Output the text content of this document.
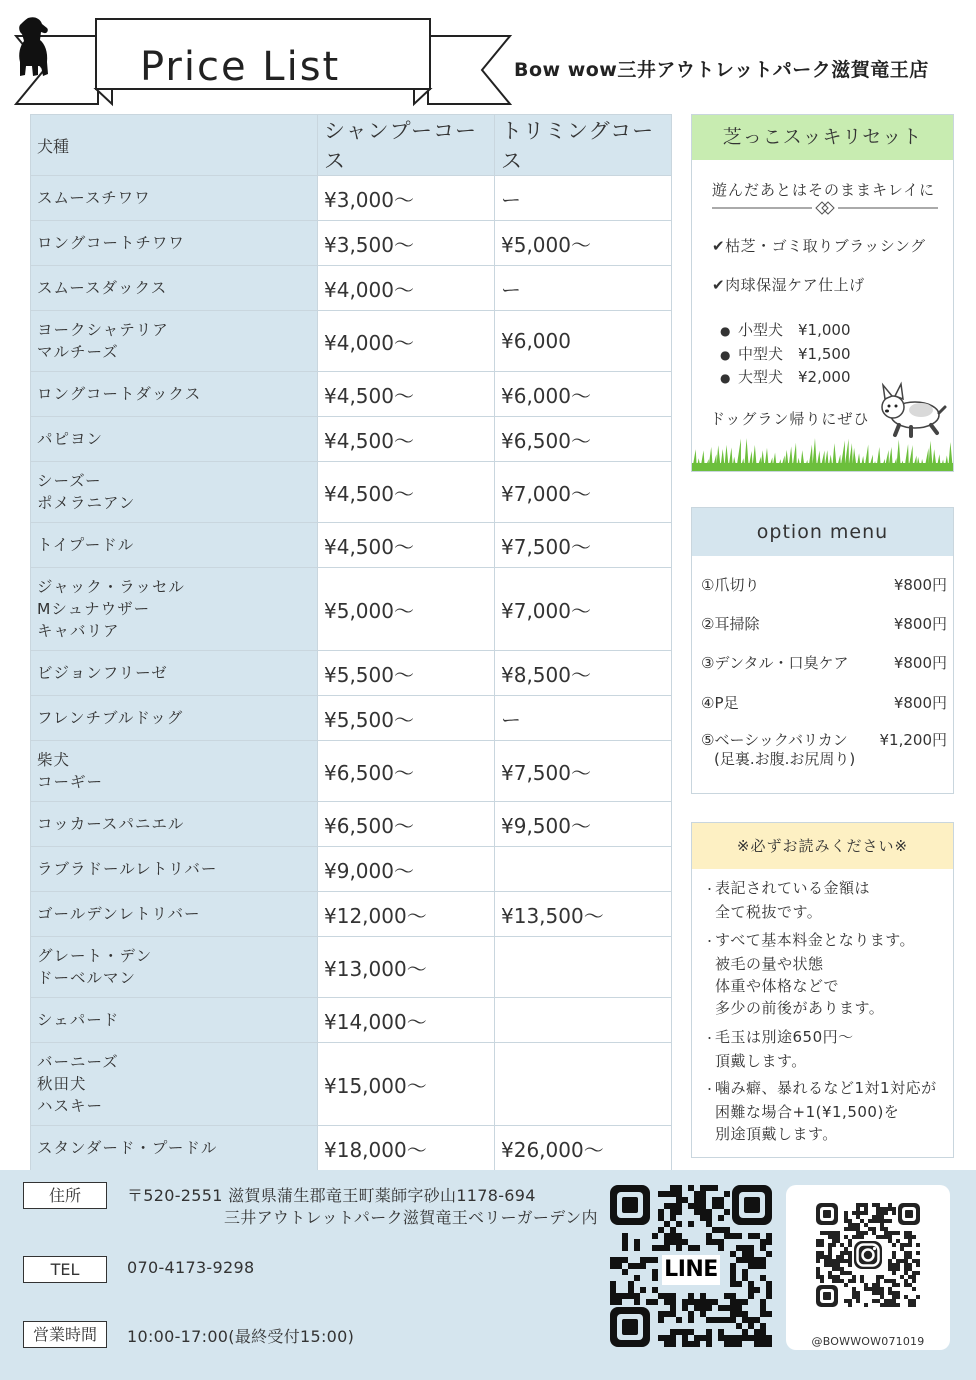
Price List	Bow wow三井アウトレットパーク滋賀竜王店
犬種	シャンプーコース	トリミングコース

スムースチワワ	¥3,000〜	ー

ロングコートチワワ	¥3,500〜	¥5,000〜

スムースダックス	¥4,000〜	ー

ヨークシャテリア
マルチーズ	¥4,000〜	¥6,000

ロングコートダックス	¥4,500〜	¥6,000〜

パピヨン	¥4,500〜	¥6,500〜

シーズー
ポメラニアン	¥4,500〜	¥7,000〜

トイプードル	¥4,500〜	¥7,500〜

ジャック・ラッセル
Mシュナウザー
キャバリア	¥5,000〜	¥7,000〜

ビジョンフリーゼ	¥5,500〜	¥8,500〜

フレンチブルドッグ	¥5,500〜	ー

柴犬
コーギー	¥6,500〜	¥7,500〜

コッカースパニエル	¥6,500〜	¥9,500〜

ラブラドールレトリバー	¥9,000〜	

ゴールデンレトリバー	¥12,000〜	¥13,500〜

グレート・デン
ドーベルマン	¥13,000〜	

シェパード	¥14,000〜	

バーニーズ
秋田犬
ハスキー	¥15,000〜	

スタンダード・プードル	¥18,000〜	¥26,000〜
芝っこスッキリセット
遊んだあとはそのままキレイに
✔枯芝・ゴミ取りブラッシング
✔肉球保湿ケア仕上げ
● 小型犬 ¥1,000
● 中型犬 ¥1,500
● 大型犬 ¥2,000
ドッグラン帰りにぜひ
option menu
①爪切り	¥800円
②耳掃除	¥800円
③デンタル・口臭ケア	¥800円
④P足	¥800円
⑤ベーシックバリカン ¥1,200円
(足裏.お腹.お尻周り)
※必ずお読みください※
・表記されている金額は
全て税抜です。
・すべて基本料金となります。
被毛の量や状態
体重や体格などで
多少の前後があります。
・毛玉は別途650円〜
頂戴します。
・噛み癖、暴れるなど1対1対応が
困難な場合+1(¥1,500)を
別途頂戴します。
住所	〒520-2551 滋賀県蒲生郡竜王町薬師字砂山1178-694
三井アウトレットパーク滋賀竜王ベリーガーデン内
TEL	070-4173-9298
営業時間	10:00-17:00(最終受付15:00)
LINE
@BOWWOW071019
